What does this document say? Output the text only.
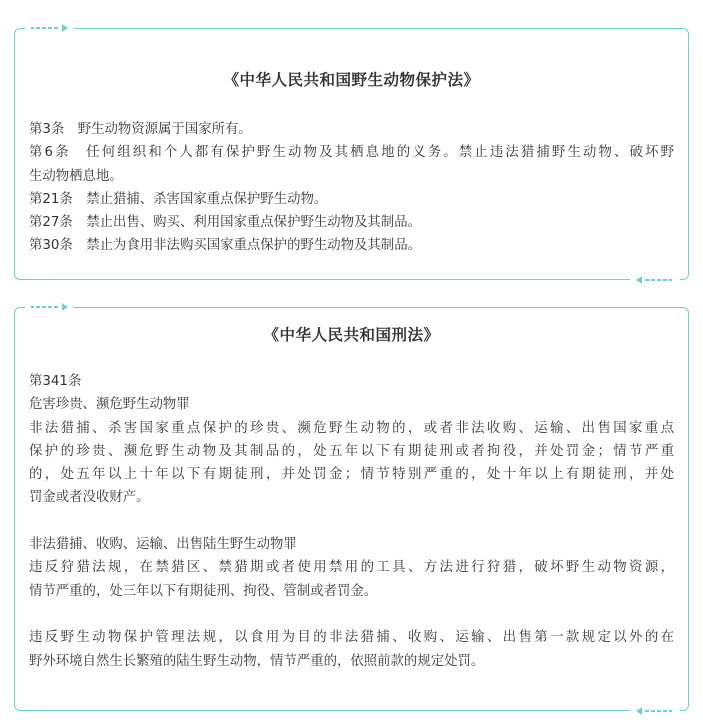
《中华人民共和国野生动物保护法》
第3条　野生动物资源属于国家所有。
第6条　任何组织和个人都有保护野生动物及其栖息地的义务。禁止违法猎捕野生动物、破坏野
生动物栖息地。
第21条　禁止猎捕、杀害国家重点保护野生动物。
第27条　禁止出售、购买、利用国家重点保护野生动物及其制品。
第30条　禁止为食用非法购买国家重点保护的野生动物及其制品。
《中华人民共和国刑法》
第341条
危害珍贵、濒危野生动物罪
非法猎捕、杀害国家重点保护的珍贵、濒危野生动物的，或者非法收购、运输、出售国家重点
保护的珍贵、濒危野生动物及其制品的，处五年以下有期徒刑或者拘役，并处罚金；情节严重
的，处五年以上十年以下有期徒刑，并处罚金；情节特别严重的，处十年以上有期徒刑，并处
罚金或者没收财产。
非法猎捕、收购、运输、出售陆生野生动物罪
违反狩猎法规，在禁猎区、禁猎期或者使用禁用的工具、方法进行狩猎，破坏野生动物资源，
情节严重的，处三年以下有期徒刑、拘役、管制或者罚金。
违反野生动物保护管理法规，以食用为目的非法猎捕、收购、运输、出售第一款规定以外的在
野外环境自然生长繁殖的陆生野生动物，情节严重的，依照前款的规定处罚。
